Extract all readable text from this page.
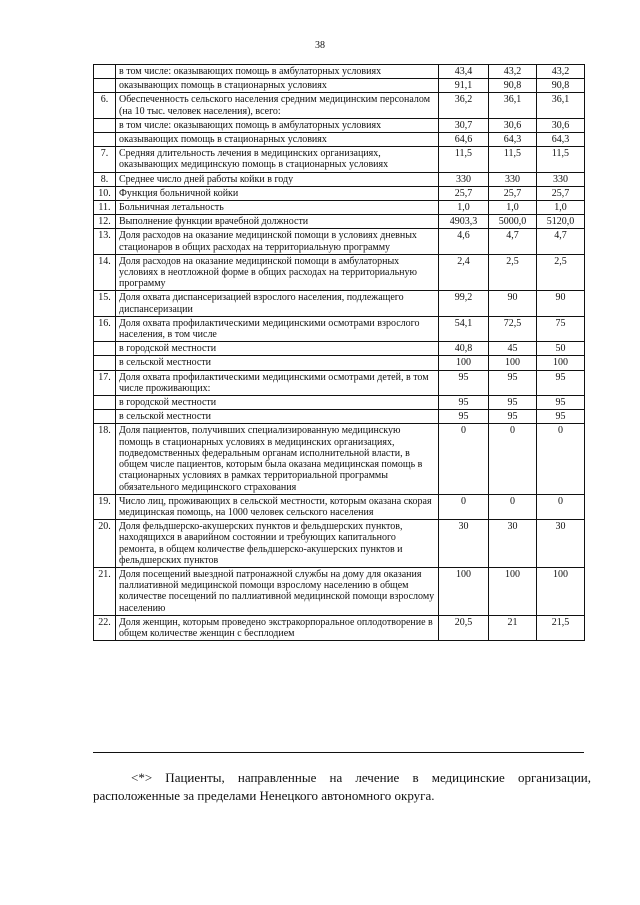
38
	в том числе: оказывающих помощь в амбулаторных условиях	43,4	43,2	43,2
	оказывающих помощь в стационарных условиях	91,1	90,8	90,8
6.	Обеспеченность сельского населения средним медицинским персоналом (на 10 тыс. человек населения), всего:	36,2	36,1	36,1
	в том числе: оказывающих помощь в амбулаторных условиях	30,7	30,6	30,6
	оказывающих помощь в стационарных условиях	64,6	64,3	64,3
7.	Средняя длительность лечения в медицинских организациях, оказывающих медицинскую помощь в стационарных условиях	11,5	11,5	11,5
8.	Среднее число дней работы койки в году	330	330	330
10.	Функция больничной койки	25,7	25,7	25,7
11.	Больничная летальность	1,0	1,0	1,0
12.	Выполнение функции врачебной должности	4903,3	5000,0	5120,0
13.	Доля расходов на оказание медицинской помощи в условиях дневных стационаров в общих расходах на территориальную программу	4,6	4,7	4,7
14.	Доля расходов на оказание медицинской помощи в амбулаторных условиях в неотложной форме в общих расходах на территориальную программу	2,4	2,5	2,5
15.	Доля охвата диспансеризацией взрослого населения, подлежащего диспансеризации	99,2	90	90
16.	Доля охвата профилактическими медицинскими осмотрами взрослого населения, в том числе	54,1	72,5	75
	в городской местности	40,8	45	50
	в сельской местности	100	100	100
17.	Доля охвата профилактическими медицинскими осмотрами детей, в том числе проживающих:	95	95	95
	в городской местности	95	95	95
	в сельской местности	95	95	95
18.	Доля пациентов, получивших специализированную медицинскую помощь в стационарных условиях в медицинских организациях, подведомственных федеральным органам исполнительной власти, в общем числе пациентов, которым была оказана медицинская помощь в стационарных условиях в рамках территориальной программы обязательного медицинского страхования	0	0	0
19.	Число лиц, проживающих в сельской местности, которым оказана скорая медицинская помощь, на 1000 человек сельского населения	0	0	0
20.	Доля фельдшерско-акушерских пунктов и фельдшерских пунктов, находящихся в аварийном состоянии и требующих капитального ремонта, в общем количестве фельдшерско-акушерских пунктов и фельдшерских пунктов	30	30	30
21.	Доля посещений выездной патронажной службы на дому для оказания паллиативной медицинской помощи взрослому населению в общем количестве посещений по паллиативной медицинской помощи взрослому населению	100	100	100
22.	Доля женщин, которым проведено экстракорпоральное оплодотворение в общем количестве женщин с бесплодием	20,5	21	21,5
<*> Пациенты, направленные на лечение в медицинские организации, расположенные за пределами Ненецкого автономного округа.
